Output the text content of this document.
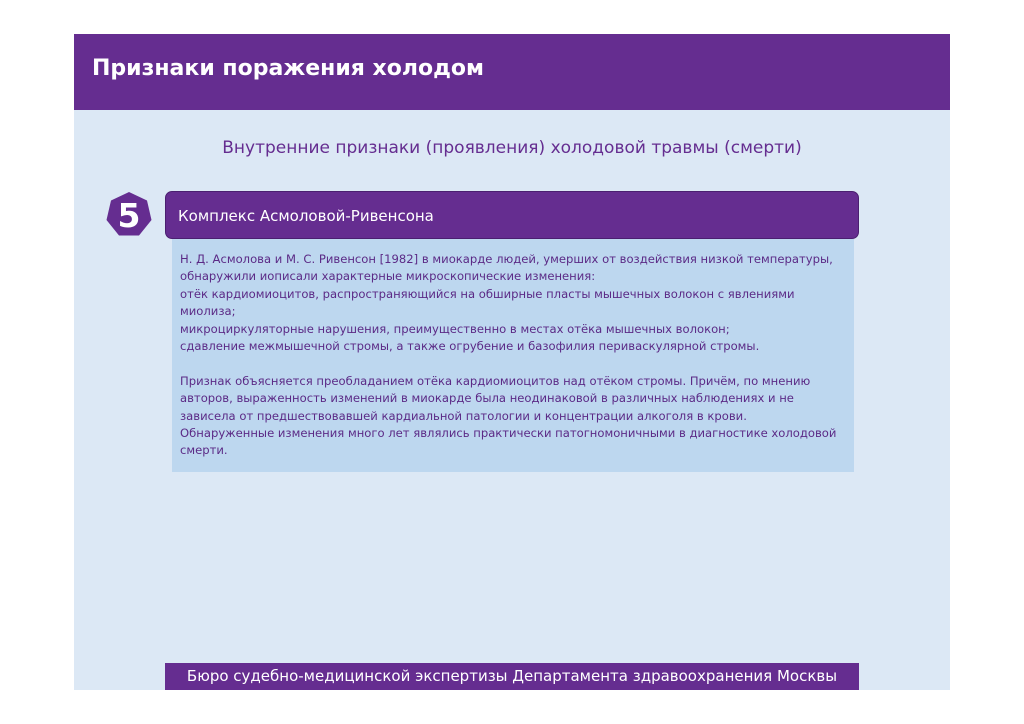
Признаки поражения холодом
Внутренние признаки (проявления) холодовой травмы (смерти)
5	Комплекс Асмоловой-Ривенсона
Н. Д. Асмолова и М. С. Ривенсон [1982] в миокарде людей, умерших от воздействия низкой температуры,
обнаружили иописали характерные микроскопические изменения:
отёк кардиомиоцитов, распространяющийся на обширные пласты мышечных волокон с явлениями
миолиза;
микроциркуляторные нарушения, преимущественно в местах отёка мышечных волокон;
сдавление межмышечной стромы, а также огрубение и базофилия периваскулярной стромы.
Признак объясняется преобладанием отёка кардиомиоцитов над отёком стромы. Причём, по мнению
авторов, выраженность изменений в миокарде была неодинаковой в различных наблюдениях и не
зависела от предшествовавшей кардиальной патологии и концентрации алкоголя в крови.
Обнаруженные изменения много лет являлись практически патогномоничными в диагностике холодовой
смерти.
Бюро судебно-медицинской экспертизы Департамента здравоохранения Москвы
